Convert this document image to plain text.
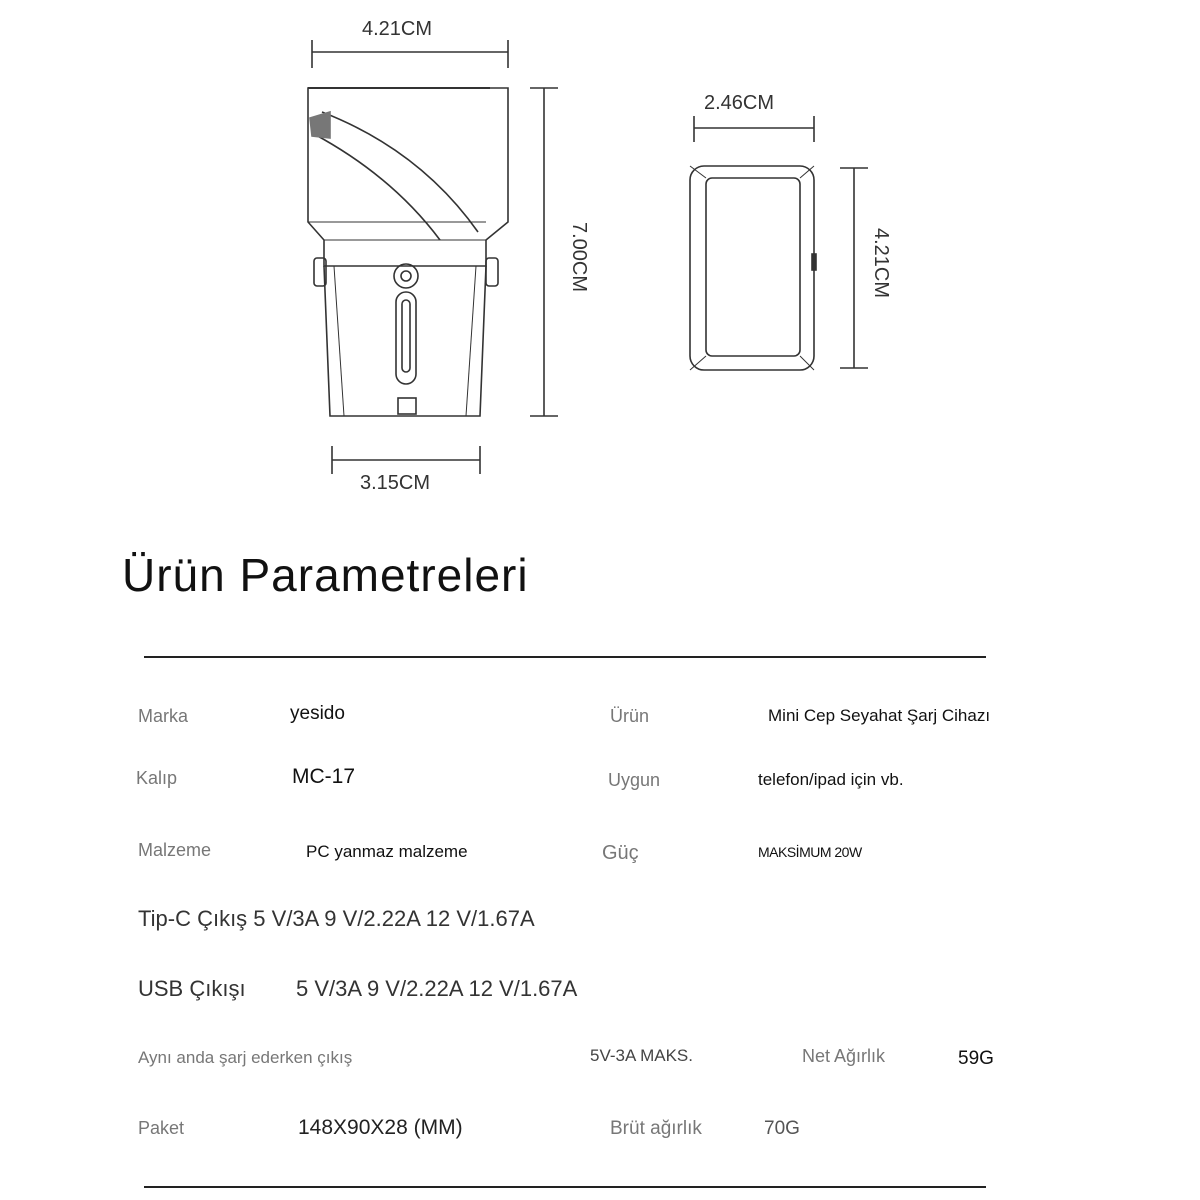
4.21CM
7.00CM
3.15CM
2.46CM
4.21CM
Ürün Parametreleri
Marka	yesido	Ürün	Mini Cep Seyahat Şarj Cihazı
Kalıp	MC-17	Uygun	telefon/ipad için vb.
Malzeme	PC yanmaz malzeme	Güç	MAKSİMUM 20W
Tip-C Çıkış 5 V/3A 9 V/2.22A 12 V/1.67A
USB Çıkışı 5 V/3A 9 V/2.22A 12 V/1.67A
Aynı anda şarj ederken çıkış	5V-3A MAKS.	Net Ağırlık	59G
Paket	148X90X28 (MM)	Brüt ağırlık	70G
